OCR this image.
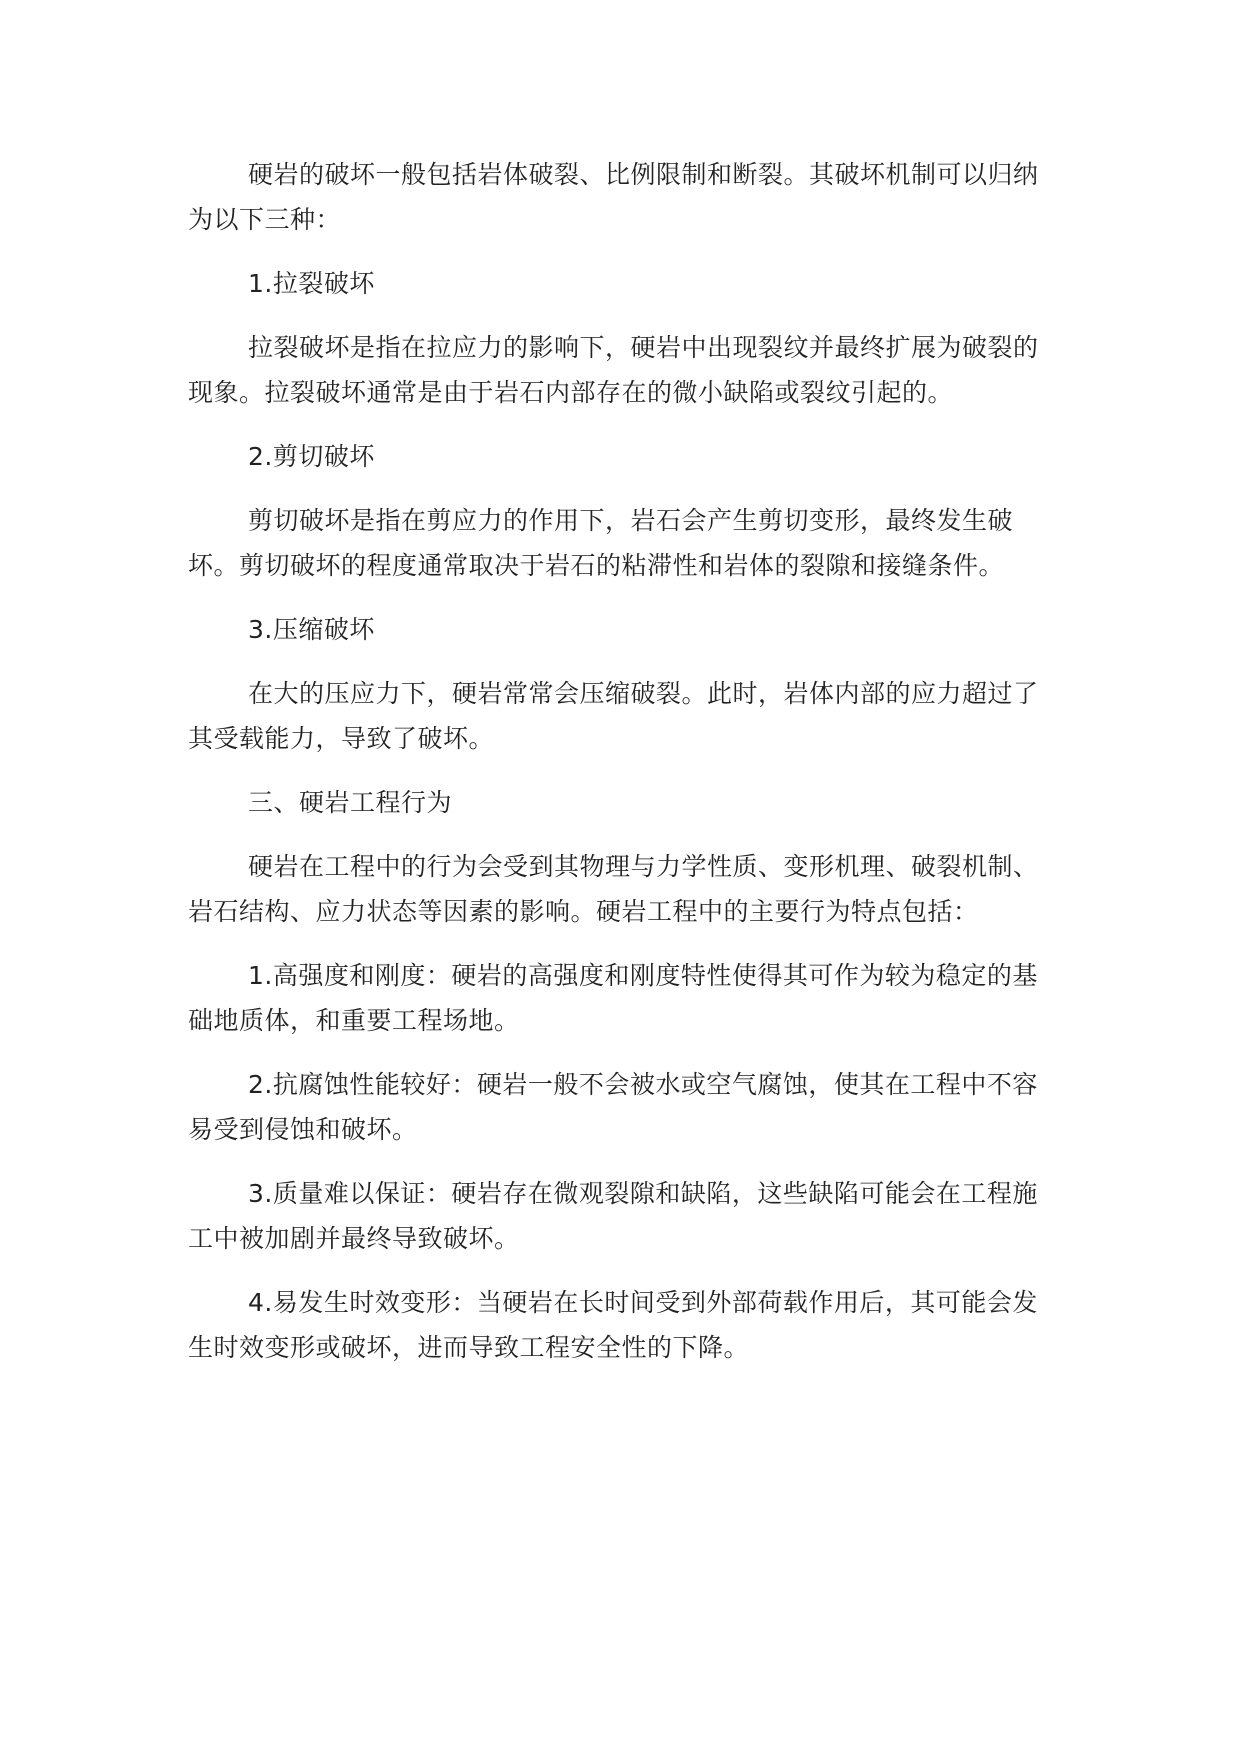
硬岩的破坏一般包括岩体破裂、比例限制和断裂。其破坏机制可以归纳为以下三种：

1.拉裂破坏

拉裂破坏是指在拉应力的影响下，硬岩中出现裂纹并最终扩展为破裂的现象。拉裂破坏通常是由于岩石内部存在的微小缺陷或裂纹引起的。

2.剪切破坏

剪切破坏是指在剪应力的作用下，岩石会产生剪切变形，最终发生破坏。剪切破坏的程度通常取决于岩石的粘滞性和岩体的裂隙和接缝条件。

3.压缩破坏

在大的压应力下，硬岩常常会压缩破裂。此时，岩体内部的应力超过了其受载能力，导致了破坏。

三、硬岩工程行为

硬岩在工程中的行为会受到其物理与力学性质、变形机理、破裂机制、岩石结构、应力状态等因素的影响。硬岩工程中的主要行为特点包括：

1.高强度和刚度：硬岩的高强度和刚度特性使得其可作为较为稳定的基础地质体，和重要工程场地。

2.抗腐蚀性能较好：硬岩一般不会被水或空气腐蚀，使其在工程中不容易受到侵蚀和破坏。

3.质量难以保证：硬岩存在微观裂隙和缺陷，这些缺陷可能会在工程施工中被加剧并最终导致破坏。

4.易发生时效变形：当硬岩在长时间受到外部荷载作用后，其可能会发生时效变形或破坏，进而导致工程安全性的下降。
